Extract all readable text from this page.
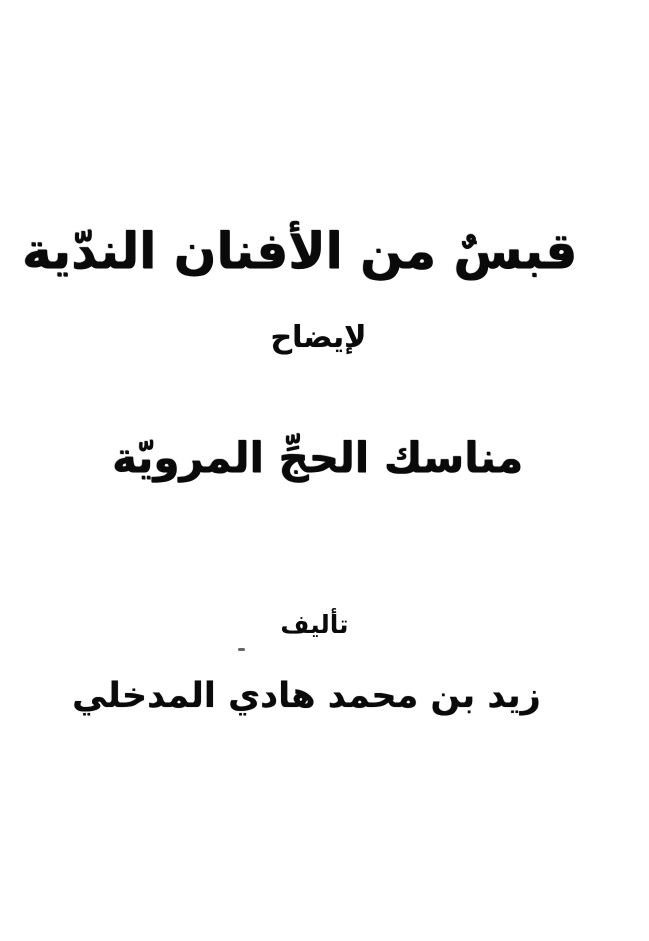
قبسٌ من الأفنان الندّية
لإيضاح
مناسك الحجِّ المرويّة
تأليف
زيد بن محمد هادي المدخلي
